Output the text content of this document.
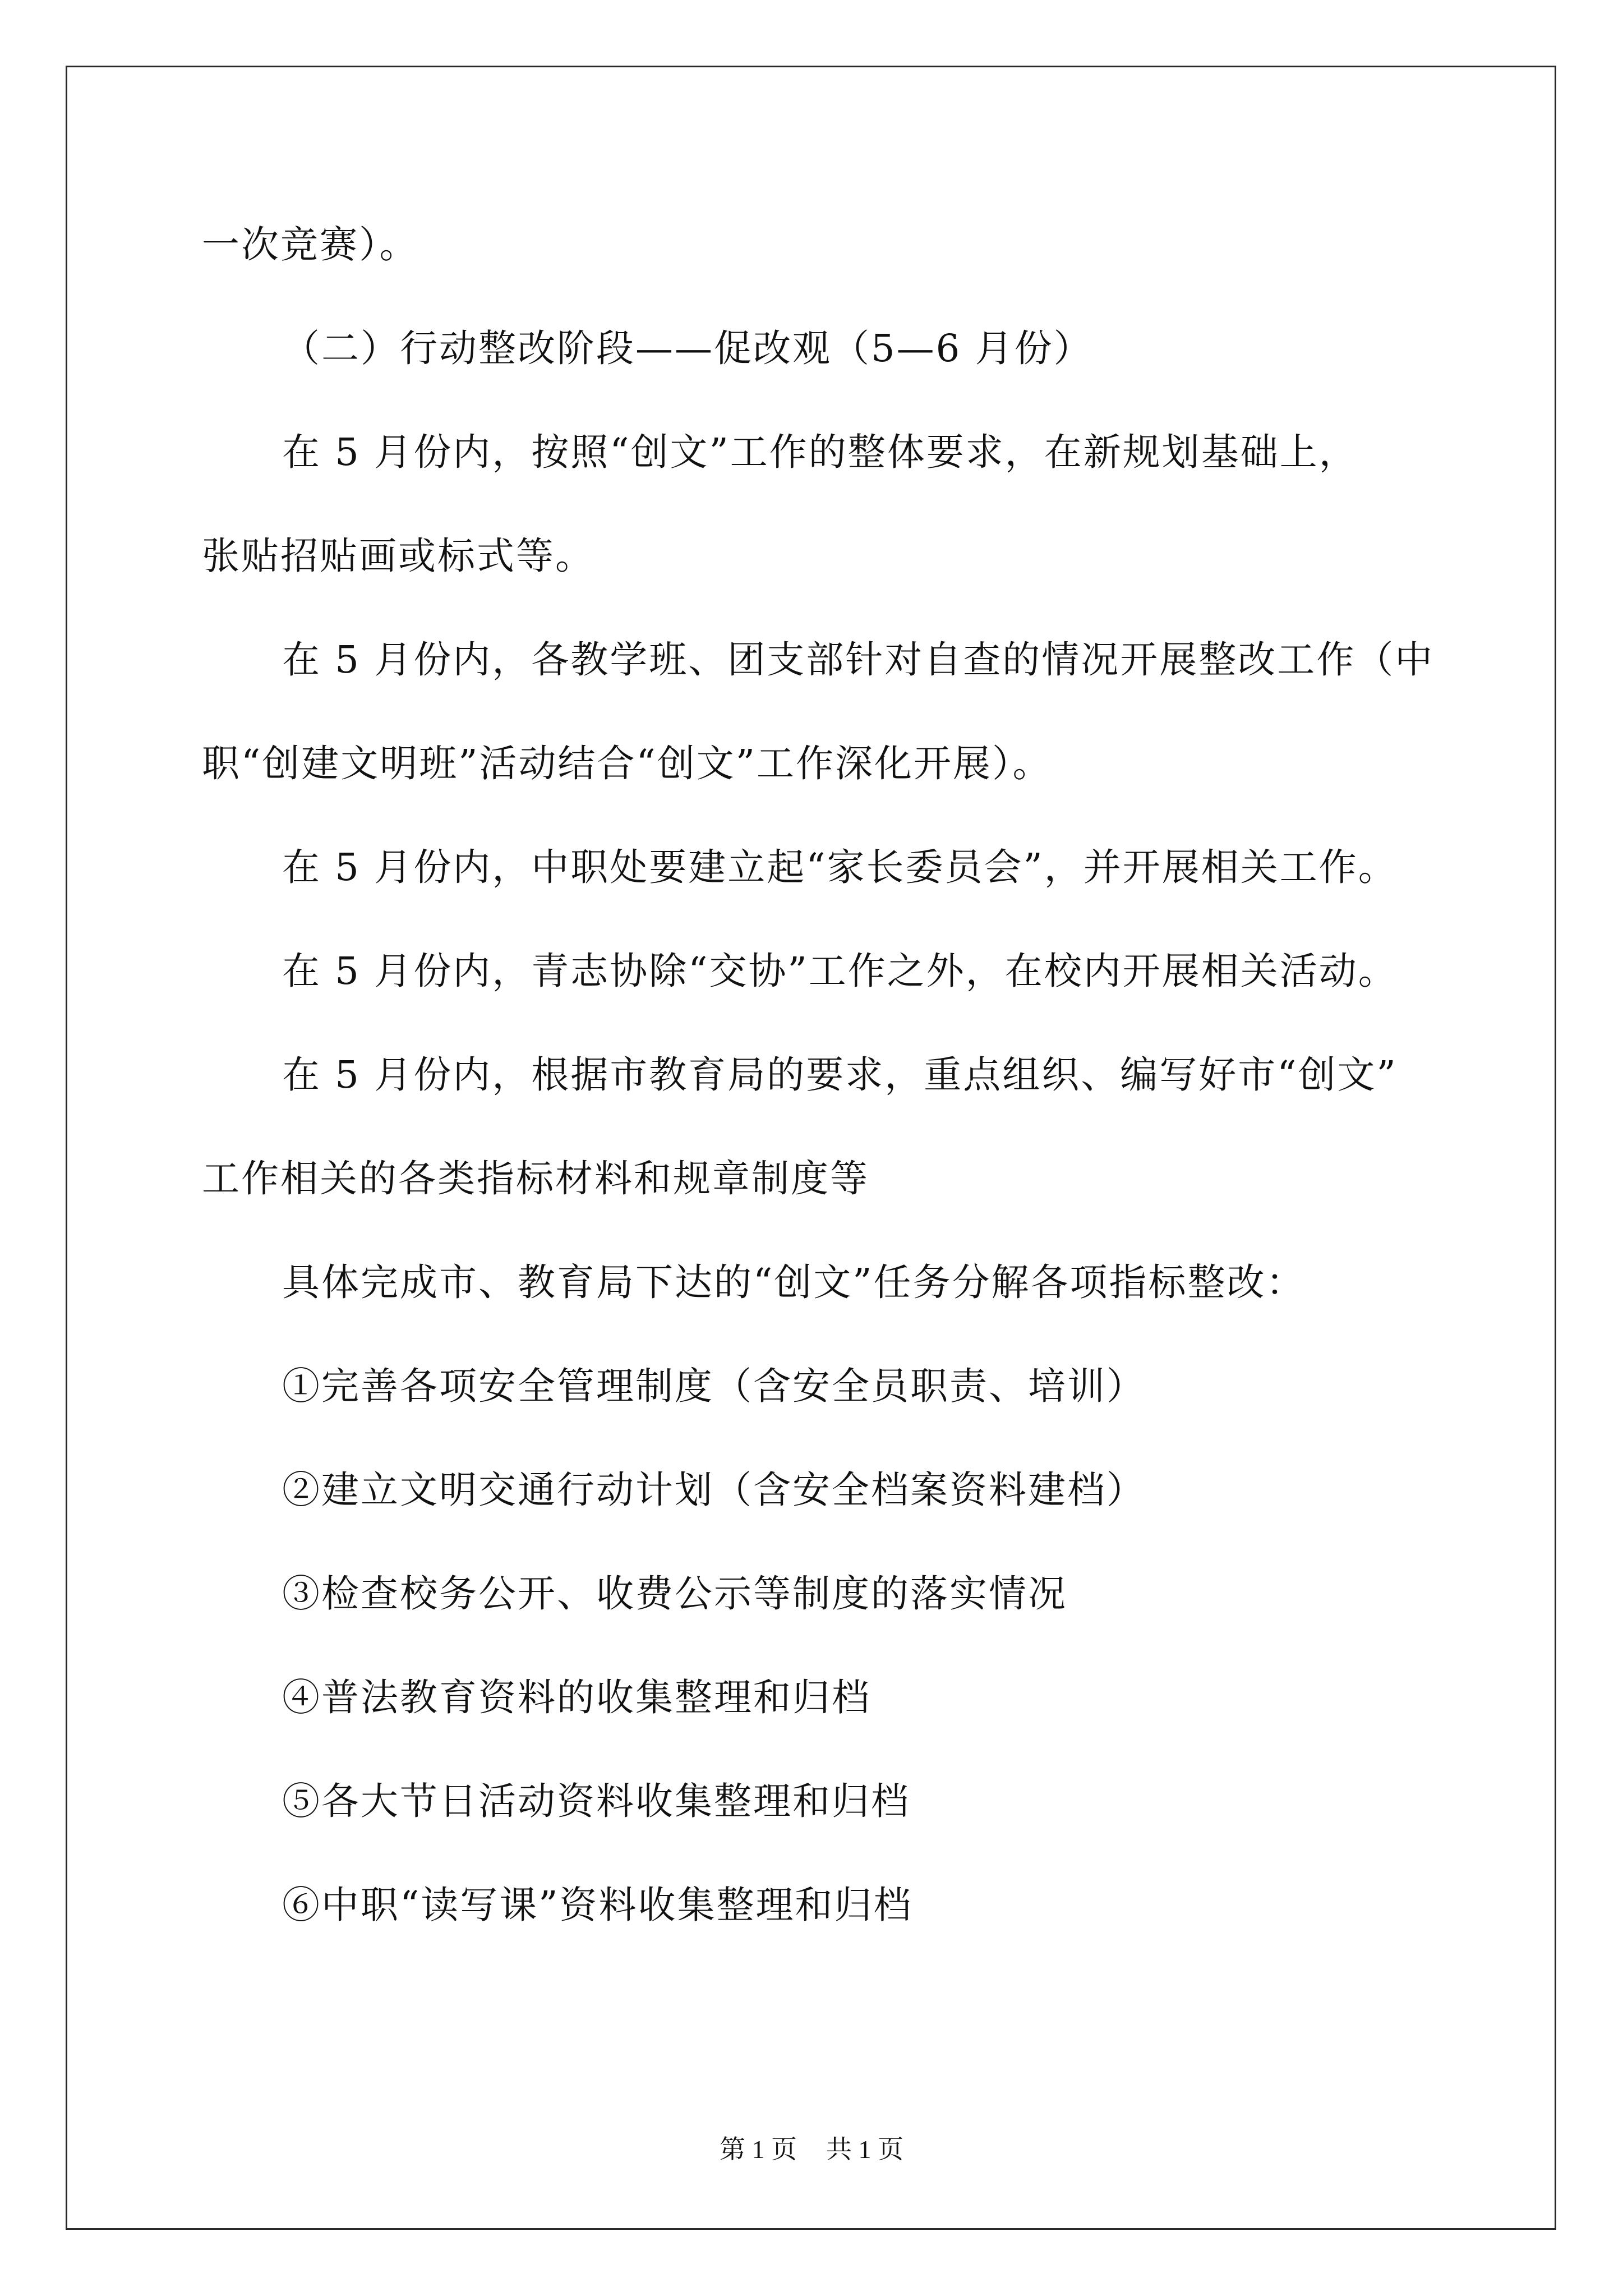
一次竞赛）。
（二）行动整改阶段——促改观（5—6 月份）
在 5 月份内，按照“创文”工作的整体要求，在新规划基础上，
张贴招贴画或标式等。
在 5 月份内，各教学班、团支部针对自查的情况开展整改工作（中
职“创建文明班”活动结合“创文”工作深化开展）。
在 5 月份内，中职处要建立起“家长委员会”，并开展相关工作。
在 5 月份内，青志协除“交协”工作之外，在校内开展相关活动。
在 5 月份内，根据市教育局的要求，重点组织、编写好市“创文”
工作相关的各类指标材料和规章制度等
具体完成市、教育局下达的“创文”任务分解各项指标整改：
①完善各项安全管理制度（含安全员职责、培训）
②建立文明交通行动计划（含安全档案资料建档）
③检查校务公开、收费公示等制度的落实情况
④普法教育资料的收集整理和归档
⑤各大节日活动资料收集整理和归档
⑥中职“读写课”资料收集整理和归档
第 1 页 共 1 页
